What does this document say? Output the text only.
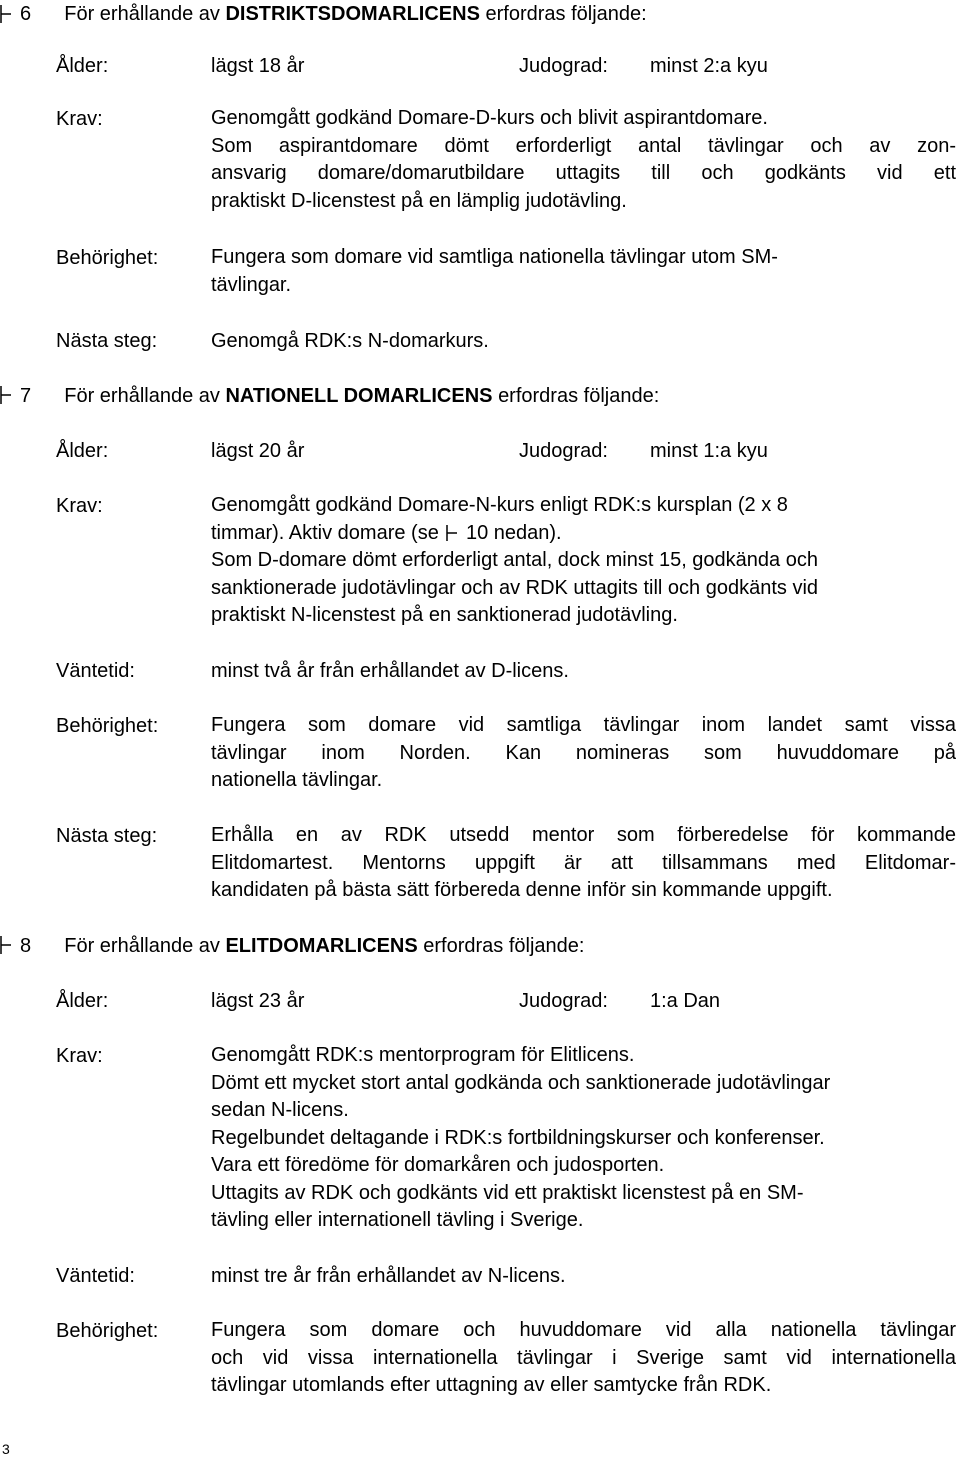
6 För erhållande av DISTRIKTSDOMARLICENS erfordras följande:
Ålder:	lägst 18 år	Judograd: minst 2:a kyu
Krav:	Genomgått godkänd Domare-D-kurs och blivit aspirantdomare.
Som aspirantdomare dömt erforderligt antal tävlingar och av zon-
ansvarig domare/domarutbildare uttagits till och godkänts vid ett
praktiskt D-licenstest på en lämplig judotävling.
Behörighet:	Fungera som domare vid samtliga nationella tävlingar utom SM-
tävlingar.
Nästa steg:	Genomgå RDK:s N-domarkurs.
7 För erhållande av NATIONELL DOMARLICENS erfordras följande:
Ålder:	lägst 20 år	Judograd: minst 1:a kyu
Krav:	Genomgått godkänd Domare-N-kurs enligt RDK:s kursplan (2 x 8
timmar). Aktiv domare (se 10 nedan).
Som D-domare dömt erforderligt antal, dock minst 15, godkända och
sanktionerade judotävlingar och av RDK uttagits till och godkänts vid
praktiskt N-licenstest på en sanktionerad judotävling.
Väntetid:	minst två år från erhållandet av D-licens.
Behörighet:	Fungera som domare vid samtliga tävlingar inom landet samt vissa
tävlingar inom Norden. Kan nomineras som huvuddomare på
nationella tävlingar.
Nästa steg:	Erhålla en av RDK utsedd mentor som förberedelse för kommande
Elitdomartest. Mentorns uppgift är att tillsammans med Elitdomar-
kandidaten på bästa sätt förbereda denne inför sin kommande uppgift.
8 För erhållande av ELITDOMARLICENS erfordras följande:
Ålder:	lägst 23 år	Judograd: 1:a Dan
Krav:	Genomgått RDK:s mentorprogram för Elitlicens.
Dömt ett mycket stort antal godkända och sanktionerade judotävlingar
sedan N-licens.
Regelbundet deltagande i RDK:s fortbildningskurser och konferenser.
Vara ett föredöme för domarkåren och judosporten.
Uttagits av RDK och godkänts vid ett praktiskt licenstest på en SM-
tävling eller internationell tävling i Sverige.
Väntetid:	minst tre år från erhållandet av N-licens.
Behörighet:	Fungera som domare och huvuddomare vid alla nationella tävlingar
och vid vissa internationella tävlingar i Sverige samt vid internationella
tävlingar utomlands efter uttagning av eller samtycke från RDK.
3
